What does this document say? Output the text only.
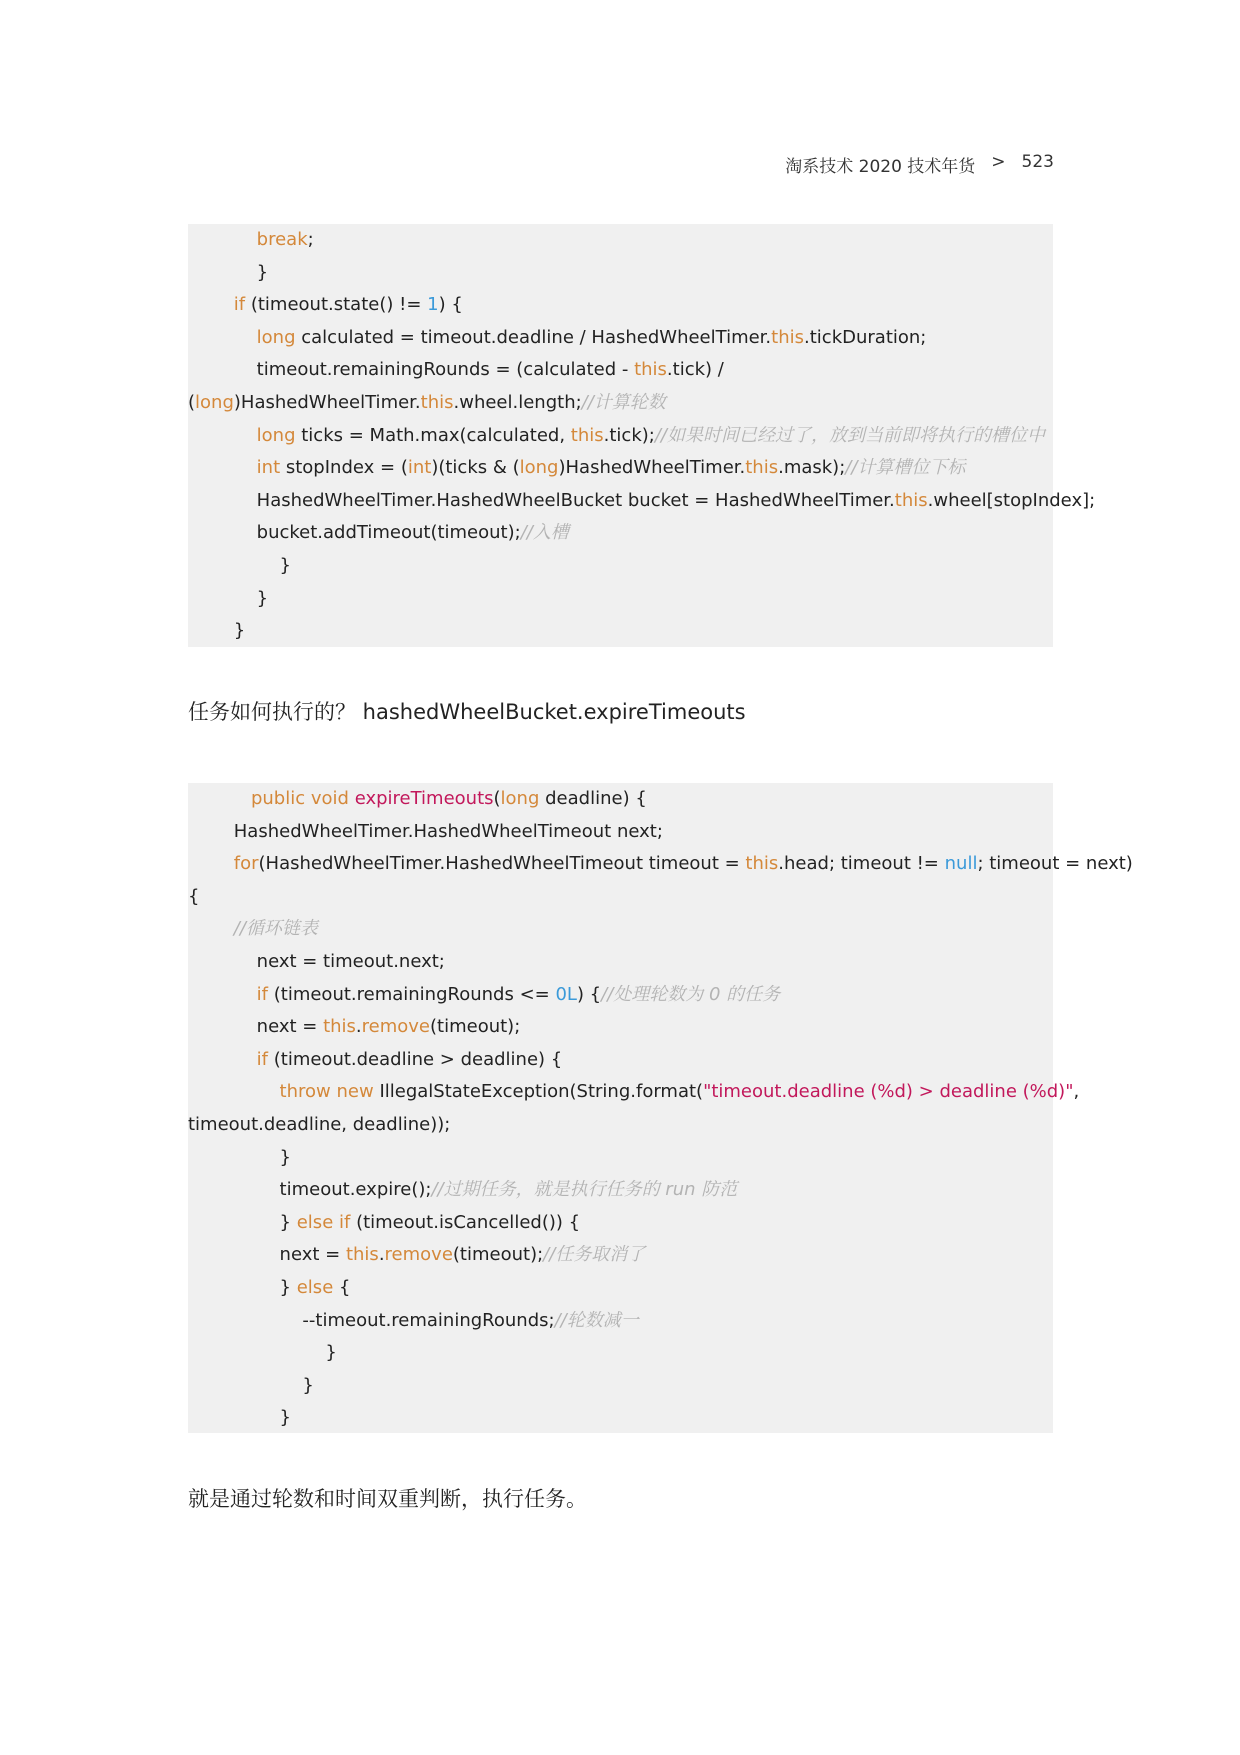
淘系技术 2020 技术年货 > 523
break;
}
if (timeout.state() != 1) {
long calculated = timeout.deadline / HashedWheelTimer.this.tickDuration;
timeout.remainingRounds = (calculated - this.tick) /
(long)HashedWheelTimer.this.wheel.length;//计算轮数
long ticks = Math.max(calculated, this.tick);//如果时间已经过了，放到当前即将执行的槽位中
int stopIndex = (int)(ticks & (long)HashedWheelTimer.this.mask);//计算槽位下标
HashedWheelTimer.HashedWheelBucket bucket = HashedWheelTimer.this.wheel[stopIndex];
bucket.addTimeout(timeout);//入槽
}
}
}
任务如何执行的？ hashedWheelBucket.expireTimeouts
public void expireTimeouts(long deadline) {
HashedWheelTimer.HashedWheelTimeout next;
for(HashedWheelTimer.HashedWheelTimeout timeout = this.head; timeout != null; timeout = next)
{
//循环链表
next = timeout.next;
if (timeout.remainingRounds <= 0L) {//处理轮数为 0 的任务
next = this.remove(timeout);
if (timeout.deadline > deadline) {
throw new IllegalStateException(String.format("timeout.deadline (%d) > deadline (%d)",
timeout.deadline, deadline));
}
timeout.expire();//过期任务，就是执行任务的 run 防范
} else if (timeout.isCancelled()) {
next = this.remove(timeout);//任务取消了
} else {
--timeout.remainingRounds;//轮数减一
}
}
}
就是通过轮数和时间双重判断，执行任务。
